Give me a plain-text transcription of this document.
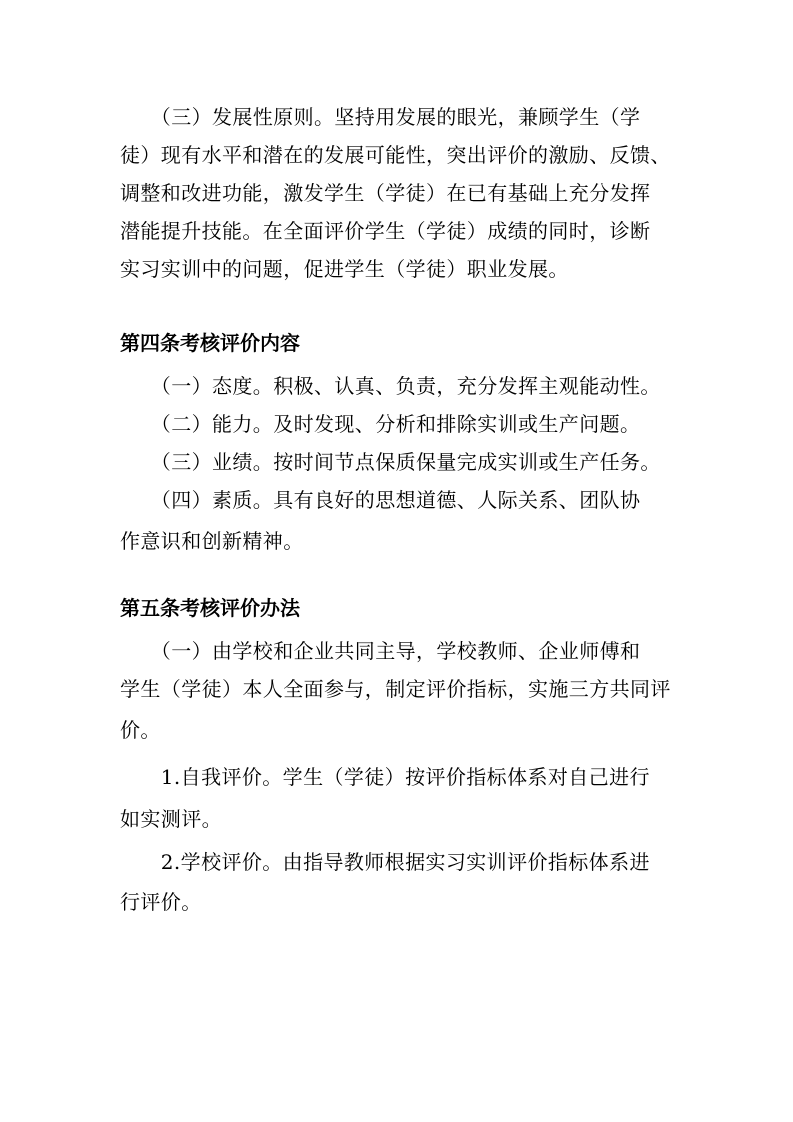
　　（三）发展性原则。坚持用发展的眼光，兼顾学生（学
徒）现有水平和潜在的发展可能性，突出评价的激励、反馈、
调整和改进功能，激发学生（学徒）在已有基础上充分发挥
潜能提升技能。在全面评价学生（学徒）成绩的同时，诊断
实习实训中的问题，促进学生（学徒）职业发展。
第四条考核评价内容
　　（一）态度。积极、认真、负责，充分发挥主观能动性。
　　（二）能力。及时发现、分析和排除实训或生产问题。
　　（三）业绩。按时间节点保质保量完成实训或生产任务。
　　（四）素质。具有良好的思想道德、人际关系、团队协
作意识和创新精神。
第五条考核评价办法
　　（一）由学校和企业共同主导，学校教师、企业师傅和
学生（学徒）本人全面参与，制定评价指标，实施三方共同评
价。
　　1.自我评价。学生（学徒）按评价指标体系对自己进行
如实测评。
　　2.学校评价。由指导教师根据实习实训评价指标体系进
行评价。
